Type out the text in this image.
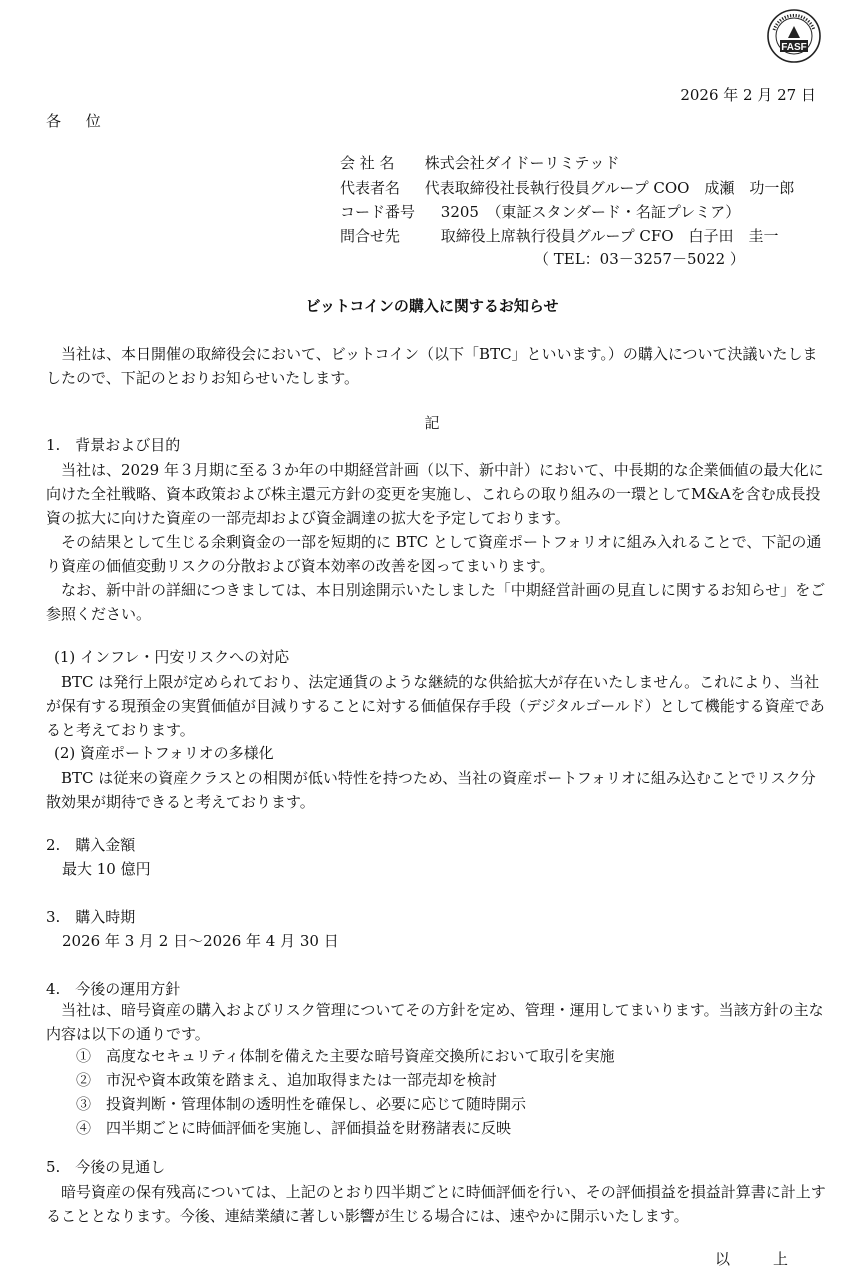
FASF
2026 年 2 月 27 日
各 位
会 社 名 株式会社ダイドーリミテッド
代表者名 代表取締役社長執行役員グループ COO　成瀬　功一郎
コード番号 3205　（東証スタンダード・名証プレミア）
問合せ先	取締役上席執行役員グループ CFO　白子田　圭一
（ TEL：03－3257－5022 ）
ビットコインの購入に関するお知らせ
当社は、本日開催の取締役会において、ビットコイン（以下「BTC」といいます。）の購入について決議いたしましたので、下記のとおりお知らせいたします。
記
1.　背景および目的
当社は、2029 年３月期に至る３か年の中期経営計画（以下、新中計）において、中長期的な企業価値の最大化に向けた全社戦略、資本政策および株主還元方針の変更を実施し、これらの取り組みの一環としてM&Aを含む成長投資の拡大に向けた資産の一部売却および資金調達の拡大を予定しております。
その結果として生じる余剰資金の一部を短期的に BTC として資産ポートフォリオに組み入れることで、下記の通り資産の価値変動リスクの分散および資本効率の改善を図ってまいります。
なお、新中計の詳細につきましては、本日別途開示いたしました「中期経営計画の見直しに関するお知らせ」をご参照ください。
(1) インフレ・円安リスクへの対応
BTC は発行上限が定められており、法定通貨のような継続的な供給拡大が存在いたしません。これにより、当社が保有する現預金の実質価値が目減りすることに対する価値保存手段（デジタルゴールド）として機能する資産であると考えております。
(2) 資産ポートフォリオの多様化
BTC は従来の資産クラスとの相関が低い特性を持つため、当社の資産ポートフォリオに組み込むことでリスク分散効果が期待できると考えております。
2.　購入金額
最大 10 億円
3.　購入時期
2026 年 3 月 2 日～2026 年 4 月 30 日
4.　今後の運用方針
当社は、暗号資産の購入およびリスク管理についてその方針を定め、管理・運用してまいります。当該方針の主な内容は以下の通りです。
①　高度なセキュリティ体制を備えた主要な暗号資産交換所において取引を実施
②　市況や資本政策を踏まえ、追加取得または一部売却を検討
③　投資判断・管理体制の透明性を確保し、必要に応じて随時開示
④　四半期ごとに時価評価を実施し、評価損益を財務諸表に反映
5.　今後の見通し
暗号資産の保有残高については、上記のとおり四半期ごとに時価評価を行い、その評価損益を損益計算書に計上することとなります。今後、連結業績に著しい影響が生じる場合には、速やかに開示いたします。
以　上
